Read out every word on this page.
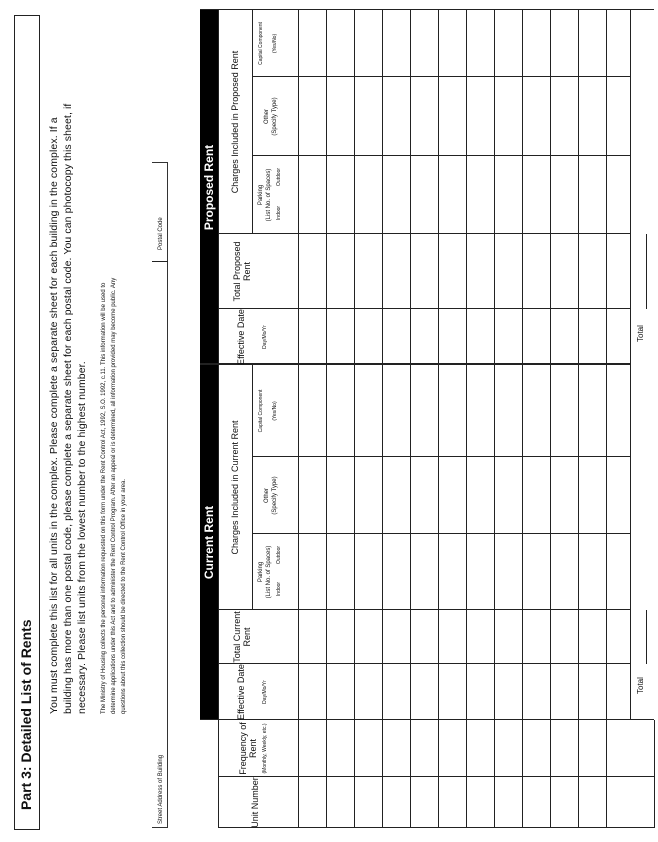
Part 3: Detailed List of Rents
You must complete this list for all units in the complex. Please complete a separate sheet for each building in the complex. If a building has more than one postal code, please complete a separate sheet for each postal code. You can photocopy this sheet, if necessary. Please list units from the lowest number to the highest number. The Ministry of Housing collects the personal information requested on this form under the Rent Control Act, 1992, S.O. 1992, c.11. This information will be used to determine applications under this Act and to administer the Rent Control Program. After an appeal or is determined, all information provided may become public. Any questions about this collection should be directed to the Rent Control Office in your area.
Street Address of Building
Postal Code
Current Rent
Proposed Rent
Unit Number
Frequency of Rent (Monthly, Weekly, etc.)
Effective Date	Day/Mo/Yr
Total Current Rent
Charges Included in Current Rent
Parking (List No. of Spaces) Indoor
Outdoor
Other (Specify Type)
Capital Component (Yes/No)
Effective Date	Day/Mo/Yr
Total Proposed Rent
Charges Included in Proposed Rent
Parking (List No. of Spaces) Indoor
Outdoor
Other (Specify Type)
Capital Component (Yes/No)
Total
Total
